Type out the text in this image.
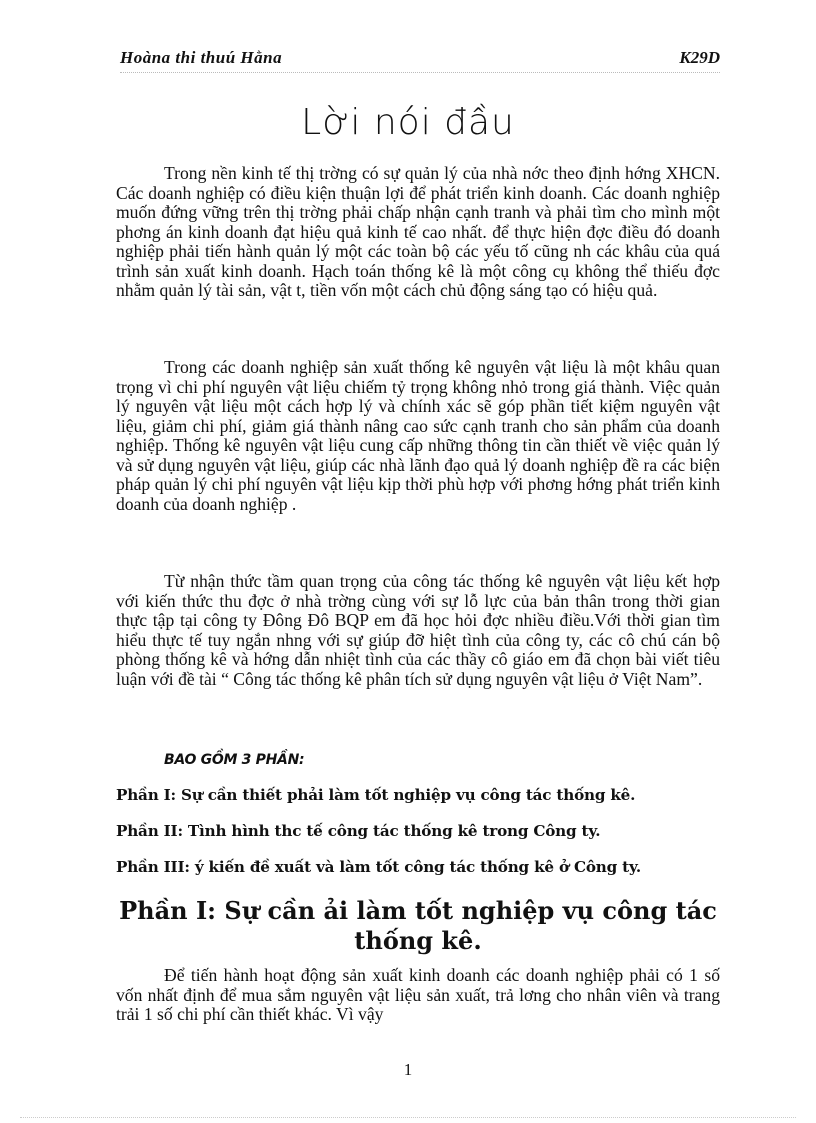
Hoàna thi thuú Hằna	K29D
Lời nói đầu

Trong nền kinh tế thị trờng có sự quản lý của nhà nớc theo định hớng XHCN. Các doanh nghiệp có điều kiện thuận lợi để phát triển kinh doanh. Các doanh nghiệp muốn đứng vững trên thị trờng phải chấp nhận cạnh tranh và phải tìm cho mình một phơng án kinh doanh đạt hiệu quả kinh tế cao nhất. để thực hiện đợc điều đó doanh nghiệp phải tiến hành quản lý một các toàn bộ các yếu tố cũng nh các khâu của quá trình sản xuất kinh doanh. Hạch toán thống kê là một công cụ không thể thiếu đợc nhằm quản lý tài sản, vật t, tiền vốn một cách chủ động sáng tạo có hiệu quả.

Trong các doanh nghiệp sản xuất thống kê nguyên vật liệu là một khâu quan trọng vì chi phí nguyên vật liệu chiếm tỷ trọng không nhỏ trong giá thành. Việc quản lý nguyên vật liệu một cách hợp lý và chính xác sẽ góp phần tiết kiệm nguyên vật liệu, giảm chi phí, giảm giá thành nâng cao sức cạnh tranh cho sản phẩm của doanh nghiệp. Thống kê nguyên vật liệu cung cấp những thông tin cần thiết về việc quản lý và sử dụng nguyên vật liệu, giúp các nhà lãnh đạo quả lý doanh nghiệp đề ra các biện pháp quản lý chi phí nguyên vật liệu kịp thời phù hợp với phơng hớng phát triển kinh doanh của doanh nghiệp .

Từ nhận thức tầm quan trọng của công tác thống kê nguyên vật liệu kết hợp với kiến thức thu đợc ở nhà trờng cùng với sự lỗ lực của bản thân trong thời gian thực tập tại công ty Đông Đô BQP em đã học hỏi đợc nhiều điều.Với thời gian tìm hiểu thực tế tuy ngắn nhng với sự giúp đỡ hiệt tình của công ty, các cô chú cán bộ phòng thống kê và hớng dẫn nhiệt tình của các thầy cô giáo em đã chọn bài viết tiêu luận với đề tài “ Công tác thống kê phân tích sử dụng nguyên vật liệu ở Việt Nam”.

BAO GỒM 3 PHẦN:
Phần I: Sự cần thiết phải làm tốt nghiệp vụ công tác thống kê.
Phần II: Tình hình thc tế công tác thống kê trong Công ty.
Phần III: ý kiến đề xuất và làm tốt công tác thống kê ở Công ty.
Phần I: Sự cần ải làm tốt nghiệp vụ công tác thống kê.

Để tiến hành hoạt động sản xuất kinh doanh các doanh nghiệp phải có 1 số vốn nhất định để mua sắm nguyên vật liệu sản xuất, trả lơng cho nhân viên và trang trải 1 số chi phí cần thiết khác. Vì vậy

1
